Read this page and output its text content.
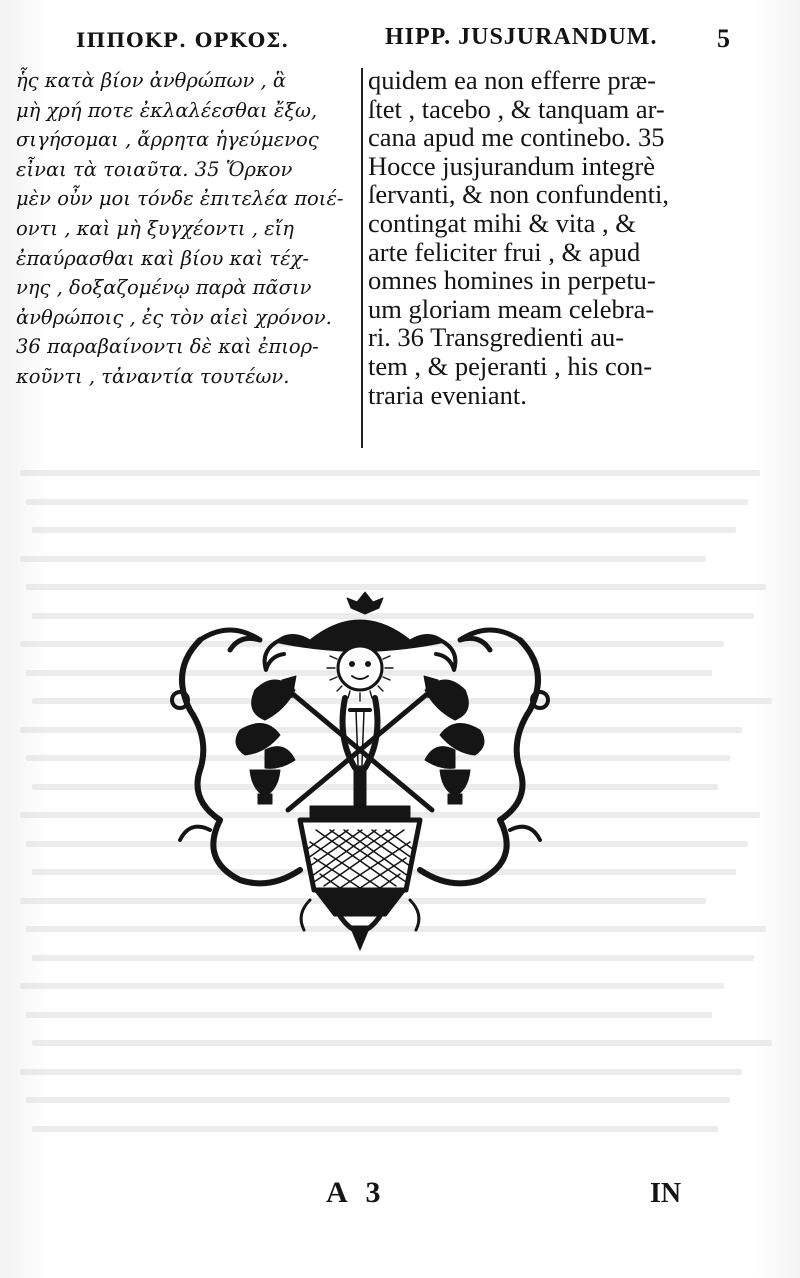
ΙΠΠΟΚΡ. ΟΡΚΟΣ.	HIPP. JUSJURANDUM. 5
ἧς κατὰ βίον ἀνθρώπων , ἃ
μὴ χρή ποτε ἐκλαλέεσθαι ἔξω,
σιγήσομαι , ἄρρητα ἡγεύμενος
εἶναι τὰ τοιαῦτα. 35 Ὅρκον
μὲν οὖν μοι τόνδε ἐπιτελέα ποιέ-
οντι , καὶ μὴ ξυγχέοντι , εἴη
ἐπαύρασθαι καὶ βίου καὶ τέχ-
νης , δοξαζομένῳ παρὰ πᾶσιν
ἀνθρώποις , ἐς τὸν αἰεὶ χρόνον.
36 παραβαίνοντι δὲ καὶ ἐπιορ-
κοῦντι , τἀναντία τουτέων.
quidem ea non efferre præ-
ſtet , tacebo , & tanquam ar-
cana apud me continebo. 35
Hocce jusjurandum integrè
ſervanti, & non confundenti,
contingat mihi & vita , &
arte feliciter frui , & apud
omnes homines in perpetu-
um gloriam meam celebra-
ri. 36 Transgredienti au-
tem , & pejeranti , his con-
traria eveniant.
A 3	IN
